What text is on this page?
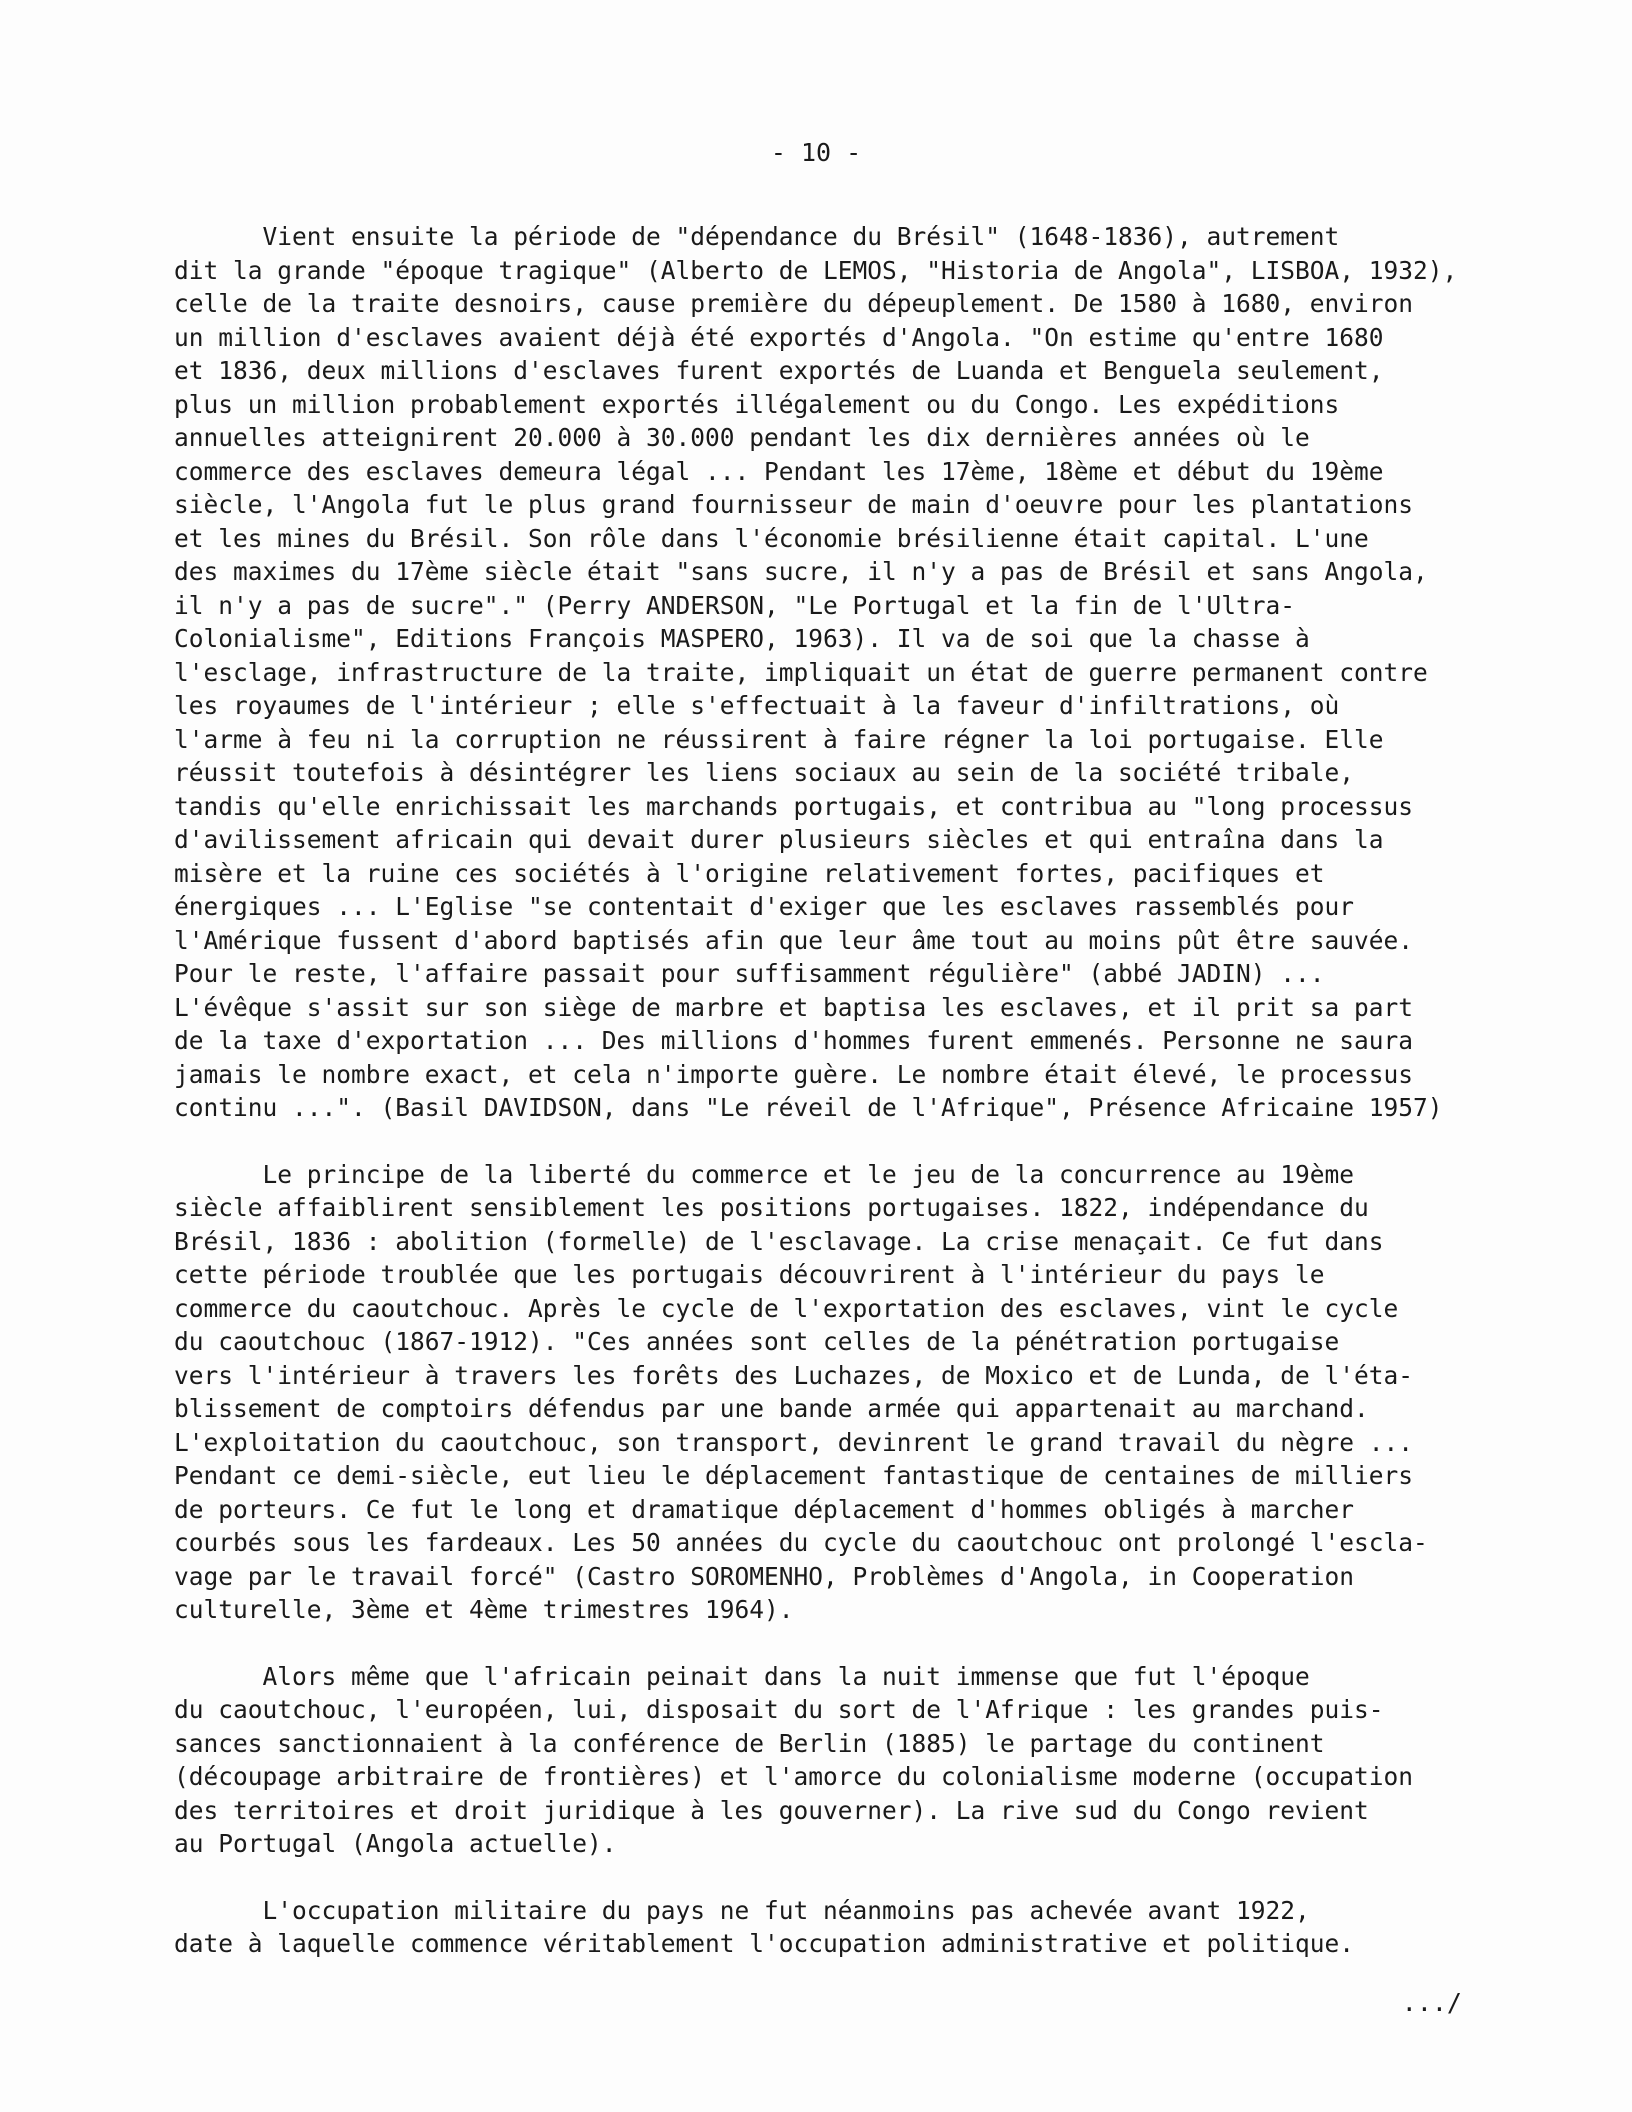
- 10 -
Vient ensuite la période de "dépendance du Brésil" (1648-1836), autrement
dit la grande "époque tragique" (Alberto de LEMOS, "Historia de Angola", LISBOA, 1932),
celle de la traite desnoirs, cause première du dépeuplement. De 1580 à 1680, environ
un million d'esclaves avaient déjà été exportés d'Angola. "On estime qu'entre 1680
et 1836, deux millions d'esclaves furent exportés de Luanda et Benguela seulement,
plus un million probablement exportés illégalement ou du Congo. Les expéditions
annuelles atteignirent 20.000 à 30.000 pendant les dix dernières années où le
commerce des esclaves demeura légal ... Pendant les 17ème, 18ème et début du 19ème
siècle, l'Angola fut le plus grand fournisseur de main d'oeuvre pour les plantations
et les mines du Brésil. Son rôle dans l'économie brésilienne était capital. L'une
des maximes du 17ème siècle était "sans sucre, il n'y a pas de Brésil et sans Angola,
il n'y a pas de sucre"." (Perry ANDERSON, "Le Portugal et la fin de l'Ultra-
Colonialisme", Editions François MASPERO, 1963). Il va de soi que la chasse à
l'esclage, infrastructure de la traite, impliquait un état de guerre permanent contre
les royaumes de l'intérieur ; elle s'effectuait à la faveur d'infiltrations, où
l'arme à feu ni la corruption ne réussirent à faire régner la loi portugaise. Elle
réussit toutefois à désintégrer les liens sociaux au sein de la société tribale,
tandis qu'elle enrichissait les marchands portugais, et contribua au "long processus
d'avilissement africain qui devait durer plusieurs siècles et qui entraîna dans la
misère et la ruine ces sociétés à l'origine relativement fortes, pacifiques et
énergiques ... L'Eglise "se contentait d'exiger que les esclaves rassemblés pour
l'Amérique fussent d'abord baptisés afin que leur âme tout au moins pût être sauvée.
Pour le reste, l'affaire passait pour suffisamment régulière" (abbé JADIN) ...
L'évêque s'assit sur son siège de marbre et baptisa les esclaves, et il prit sa part
de la taxe d'exportation ... Des millions d'hommes furent emmenés. Personne ne saura
jamais le nombre exact, et cela n'importe guère. Le nombre était élevé, le processus
continu ...". (Basil DAVIDSON, dans "Le réveil de l'Afrique", Présence Africaine 1957)
Le principe de la liberté du commerce et le jeu de la concurrence au 19ème
siècle affaiblirent sensiblement les positions portugaises. 1822, indépendance du
Brésil, 1836 : abolition (formelle) de l'esclavage. La crise menaçait. Ce fut dans
cette période troublée que les portugais découvrirent à l'intérieur du pays le
commerce du caoutchouc. Après le cycle de l'exportation des esclaves, vint le cycle
du caoutchouc (1867-1912). "Ces années sont celles de la pénétration portugaise
vers l'intérieur à travers les forêts des Luchazes, de Moxico et de Lunda, de l'éta-
blissement de comptoirs défendus par une bande armée qui appartenait au marchand.
L'exploitation du caoutchouc, son transport, devinrent le grand travail du nègre ...
Pendant ce demi-siècle, eut lieu le déplacement fantastique de centaines de milliers
de porteurs. Ce fut le long et dramatique déplacement d'hommes obligés à marcher
courbés sous les fardeaux. Les 50 années du cycle du caoutchouc ont prolongé l'escla-
vage par le travail forcé" (Castro SOROMENHO, Problèmes d'Angola, in Cooperation
culturelle, 3ème et 4ème trimestres 1964).
Alors même que l'africain peinait dans la nuit immense que fut l'époque
du caoutchouc, l'européen, lui, disposait du sort de l'Afrique : les grandes puis-
sances sanctionnaient à la conférence de Berlin (1885) le partage du continent
(découpage arbitraire de frontières) et l'amorce du colonialisme moderne (occupation
des territoires et droit juridique à les gouverner). La rive sud du Congo revient
au Portugal (Angola actuelle).
L'occupation militaire du pays ne fut néanmoins pas achevée avant 1922,
date à laquelle commence véritablement l'occupation administrative et politique.
.../
